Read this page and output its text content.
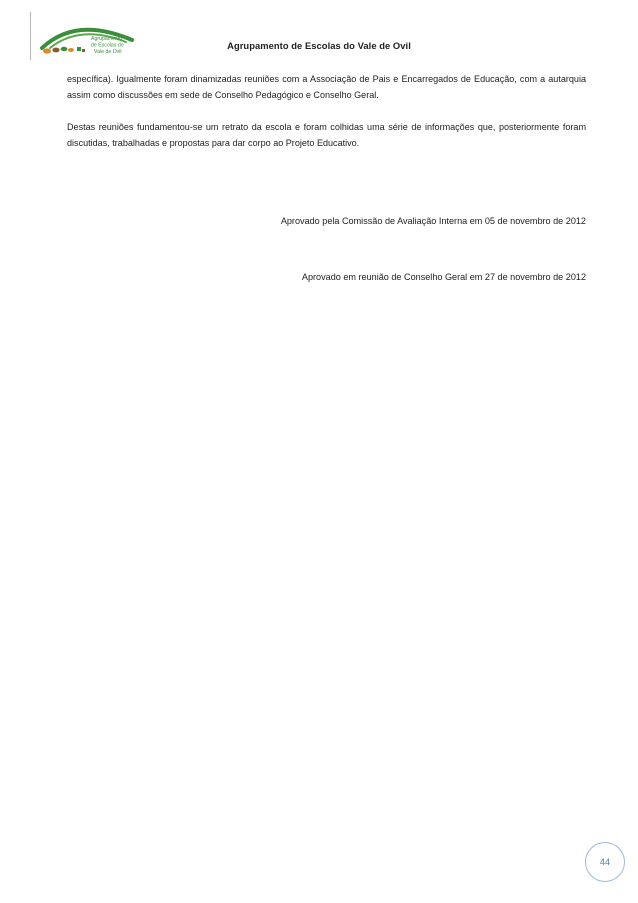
Agrupamento
de Escolas do
Vale de Ovil
Agrupamento de Escolas do Vale de Ovil

específica). Igualmente foram dinamizadas reuniões com a Associação de Pais e Encarregados de Educação, com a autarquia assim como discussões em sede de Conselho Pedagógico e Conselho Geral.

Destas reuniões fundamentou-se um retrato da escola e foram colhidas uma série de informações que, posteriormente foram discutidas, trabalhadas e propostas para dar corpo ao Projeto Educativo.

Aprovado pela Comissão de Avaliação Interna em 05 de novembro de 2012
Aprovado em reunião de Conselho Geral em 27 de novembro de 2012
44
